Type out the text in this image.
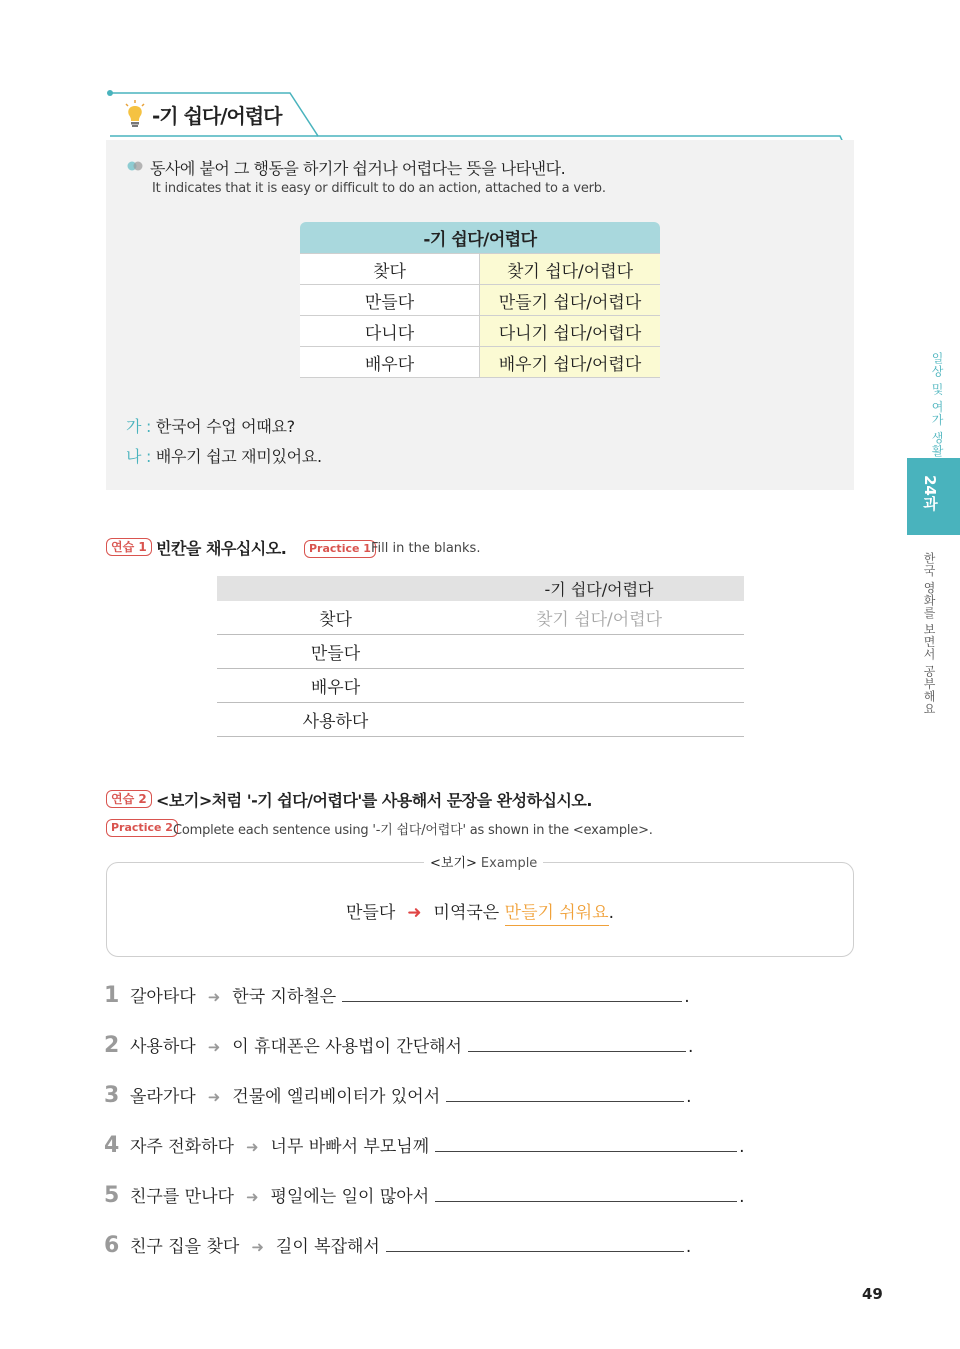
-기 쉽다/어렵다
동사에 붙어 그 행동을 하기가 쉽거나 어렵다는 뜻을 나타낸다.
It indicates that it is easy or difficult to do an action, attached to a verb.
-기 쉽다/어렵다	
찾다	찾기 쉽다/어렵다
만들다	만들기 쉽다/어렵다
다니다	다니기 쉽다/어렵다
배우다	배우기 쉽다/어렵다
가 : 한국어 수업 어때요?
나 : 배우기 쉽고 재미있어요.
연습 1 빈칸을 채우십시오.	Practice 1 Fill in the blanks.
	-기 쉽다/어렵다
찾다	찾기 쉽다/어렵다
만들다	
배우다	
사용하다	
연습 2 <보기>처럼 '-기 쉽다/어렵다'를 사용해서 문장을 완성하십시오.
Practice 2 Complete each sentence using '-기 쉽다/어렵다' as shown in the <example>.
<보기> Example
만들다 ➜ 미역국은 만들기 쉬워요.
1 갈아타다 ➜ 한국 지하철은	.
2 사용하다 ➜ 이 휴대폰은 사용법이 간단해서	.
3 올라가다 ➜ 건물에 엘리베이터가 있어서	.
4 자주 전화하다 ➜ 너무 바빠서 부모님께	.
5 친구를 만나다 ➜ 평일에는 일이 많아서	.
6 친구 집을 찾다 ➜ 길이 복잡해서	.
일상 및 여가 생활
24과
한국 영화를 보면서 공부해요
49
